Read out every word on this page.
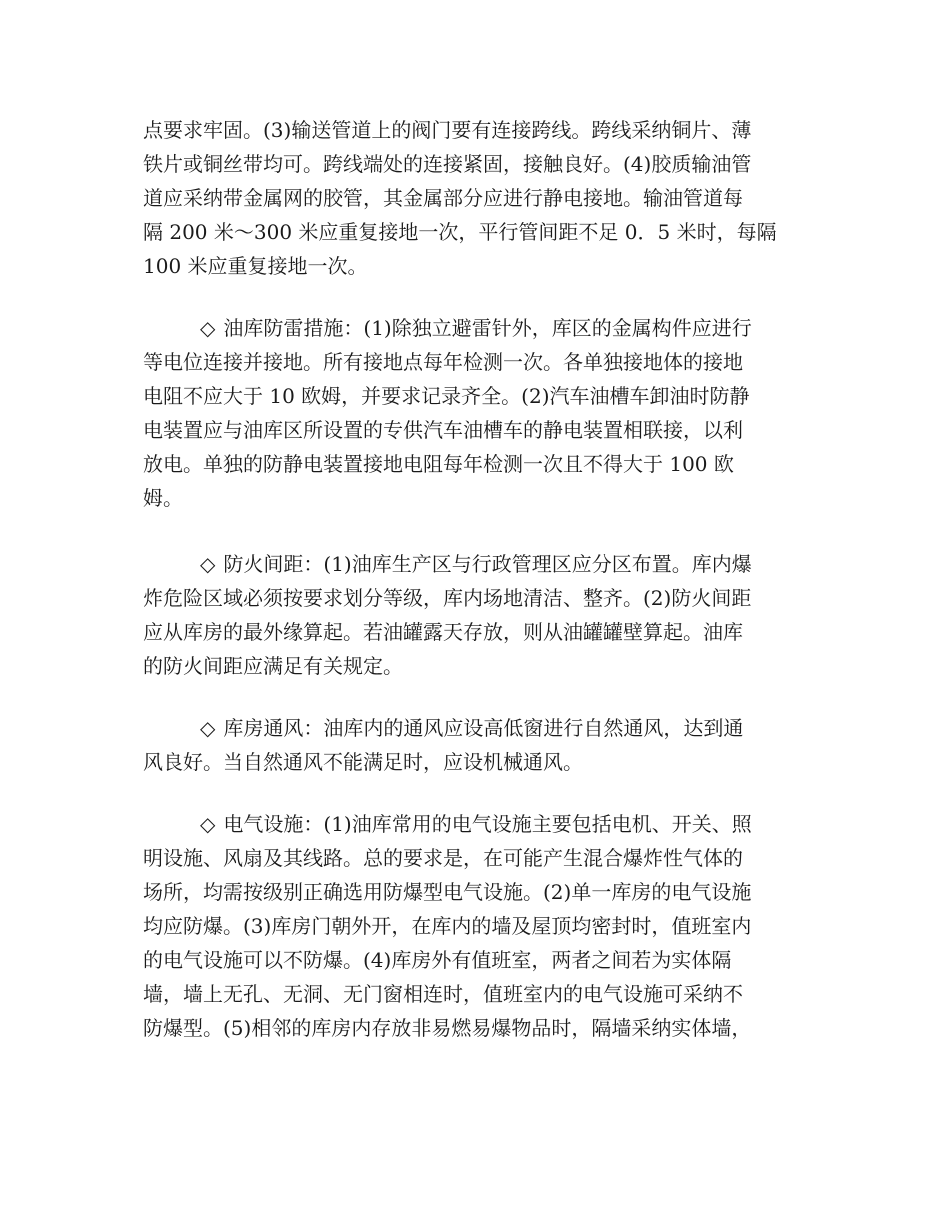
点要求牢固。(3)输送管道上的阀门要有连接跨线。跨线采纳铜片、薄
铁片或铜丝带均可。跨线端处的连接紧固，接触良好。(4)胶质输油管
道应采纳带金属网的胶管，其金属部分应进行静电接地。输油管道每
隔 200 米～300 米应重复接地一次，平行管间距不足 0．5 米时，每隔
100 米应重复接地一次。
◇ 油库防雷措施：(1)除独立避雷针外，库区的金属构件应进行
等电位连接并接地。所有接地点每年检测一次。各单独接地体的接地
电阻不应大于 10 欧姆，并要求记录齐全。(2)汽车油槽车卸油时防静
电装置应与油库区所设置的专供汽车油槽车的静电装置相联接，以利
放电。单独的防静电装置接地电阻每年检测一次且不得大于 100 欧
姆。
◇ 防火间距：(1)油库生产区与行政管理区应分区布置。库内爆
炸危险区域必须按要求划分等级，库内场地清洁、整齐。(2)防火间距
应从库房的最外缘算起。若油罐露天存放，则从油罐罐壁算起。油库
的防火间距应满足有关规定。
◇ 库房通风：油库内的通风应设高低窗进行自然通风，达到通
风良好。当自然通风不能满足时，应设机械通风。
◇ 电气设施：(1)油库常用的电气设施主要包括电机、开关、照
明设施、风扇及其线路。总的要求是，在可能产生混合爆炸性气体的
场所，均需按级别正确选用防爆型电气设施。(2)单一库房的电气设施
均应防爆。(3)库房门朝外开，在库内的墙及屋顶均密封时，值班室内
的电气设施可以不防爆。(4)库房外有值班室，两者之间若为实体隔
墙，墙上无孔、无洞、无门窗相连时，值班室内的电气设施可采纳不
防爆型。(5)相邻的库房内存放非易燃易爆物品时，隔墙采纳实体墙，
